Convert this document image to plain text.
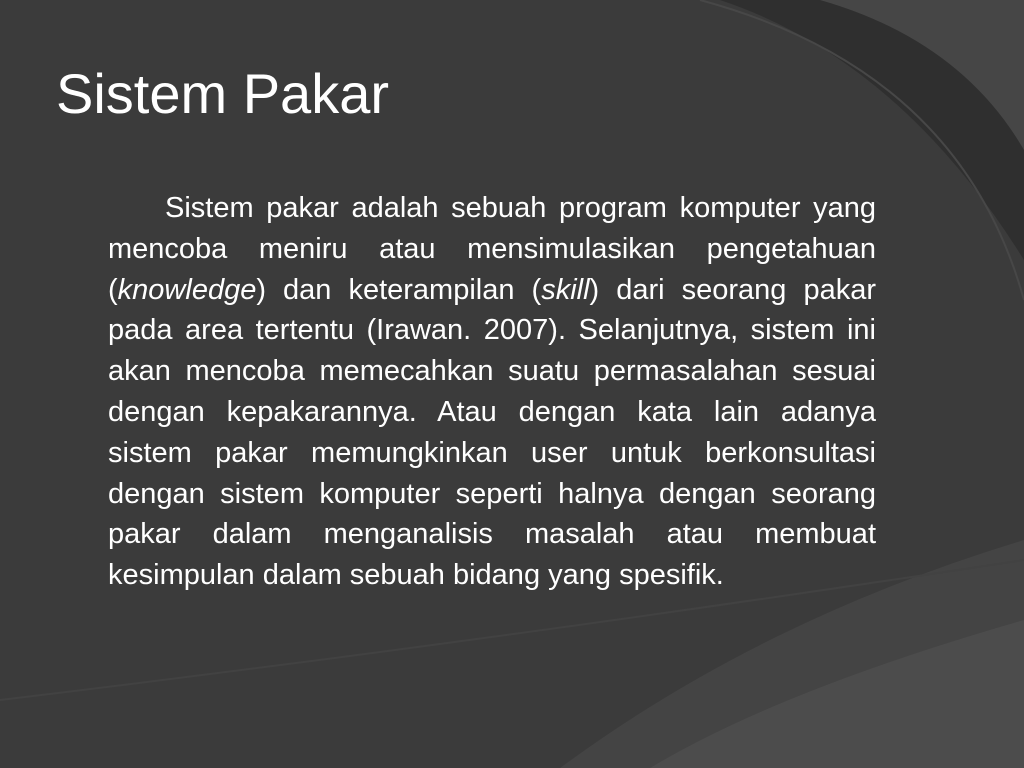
Sistem Pakar

Sistem pakar adalah sebuah program komputer yang mencoba meniru atau mensimulasikan pengetahuan (knowledge) dan keterampilan (skill) dari seorang pakar pada area tertentu (Irawan. 2007). Selanjutnya, sistem ini akan mencoba memecahkan suatu permasalahan sesuai dengan kepakarannya. Atau dengan kata lain adanya sistem pakar memungkinkan user untuk berkonsultasi dengan sistem komputer seperti halnya dengan seorang pakar dalam menganalisis masalah atau membuat kesimpulan dalam sebuah bidang yang spesifik.
